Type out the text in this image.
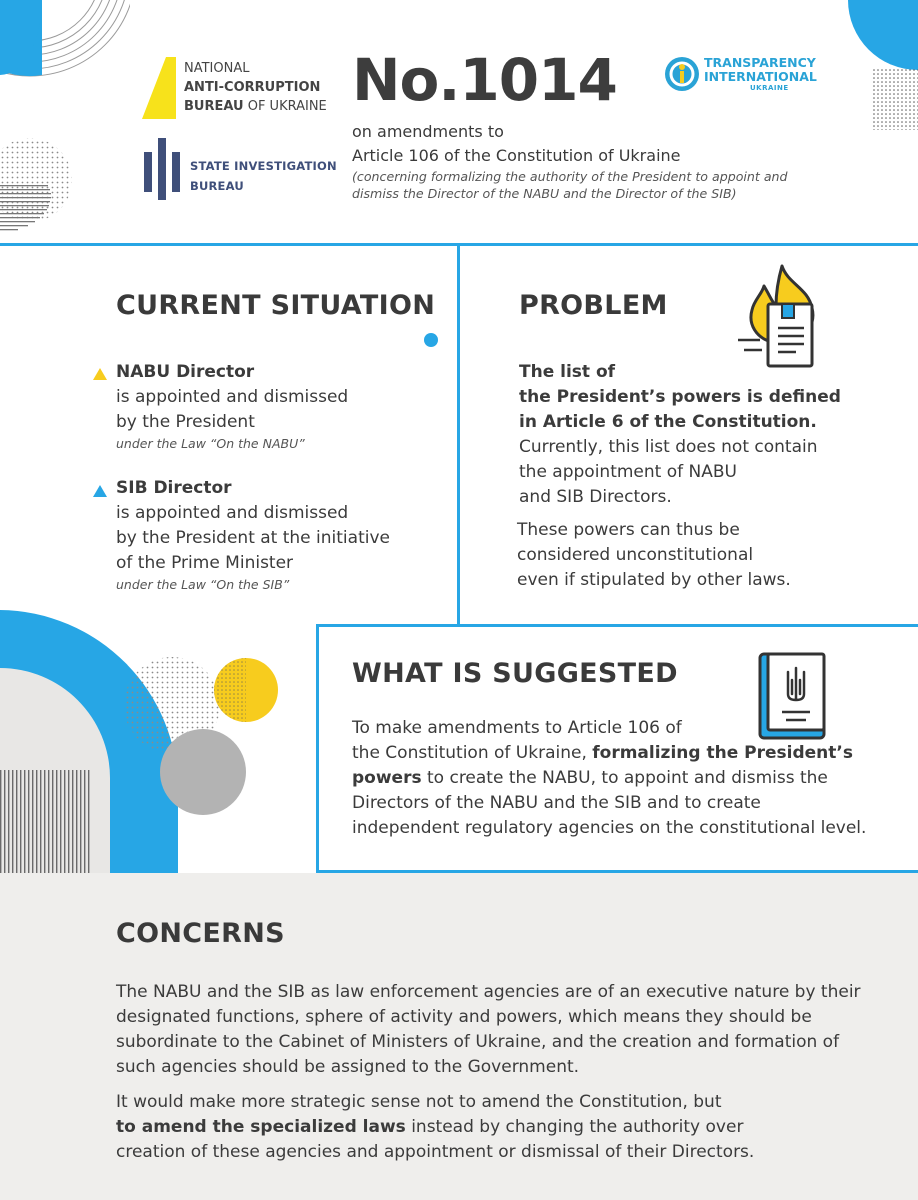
NATIONAL
ANTI-CORRUPTION
BUREAU OF UKRAINE
STATE INVESTIGATION
BUREAU
No.1014
on amendments to
Article 106 of the Constitution of Ukraine
(concerning formalizing the authority of the President to appoint and dismiss the Director of the NABU and the Director of the SIB)
TRANSPARENCY
INTERNATIONAL
UKRAINE
CURRENT SITUATION
NABU Director
is appointed and dismissed
by the President
under the Law “On the NABU”
SIB Director
is appointed and dismissed
by the President at the initiative
of the Prime Minister
under the Law “On the SIB”
PROBLEM
The list of
the President’s powers is defined
in Article 6 of the Constitution.
Currently, this list does not contain
the appointment of NABU
and SIB Directors.
These powers can thus be
considered unconstitutional
even if stipulated by other laws.
WHAT IS SUGGESTED
To make amendments to Article 106 of
the Constitution of Ukraine, formalizing the President’s
powers to create the NABU, to appoint and dismiss the
Directors of the NABU and the SIB and to create
independent regulatory agencies on the constitutional level.
CONCERNS
The NABU and the SIB as law enforcement agencies are of an executive nature by their
designated functions, sphere of activity and powers, which means they should be
subordinate to the Cabinet of Ministers of Ukraine, and the creation and formation of
such agencies should be assigned to the Government.
It would make more strategic sense not to amend the Constitution, but
to amend the specialized laws instead by changing the authority over
creation of these agencies and appointment or dismissal of their Directors.
